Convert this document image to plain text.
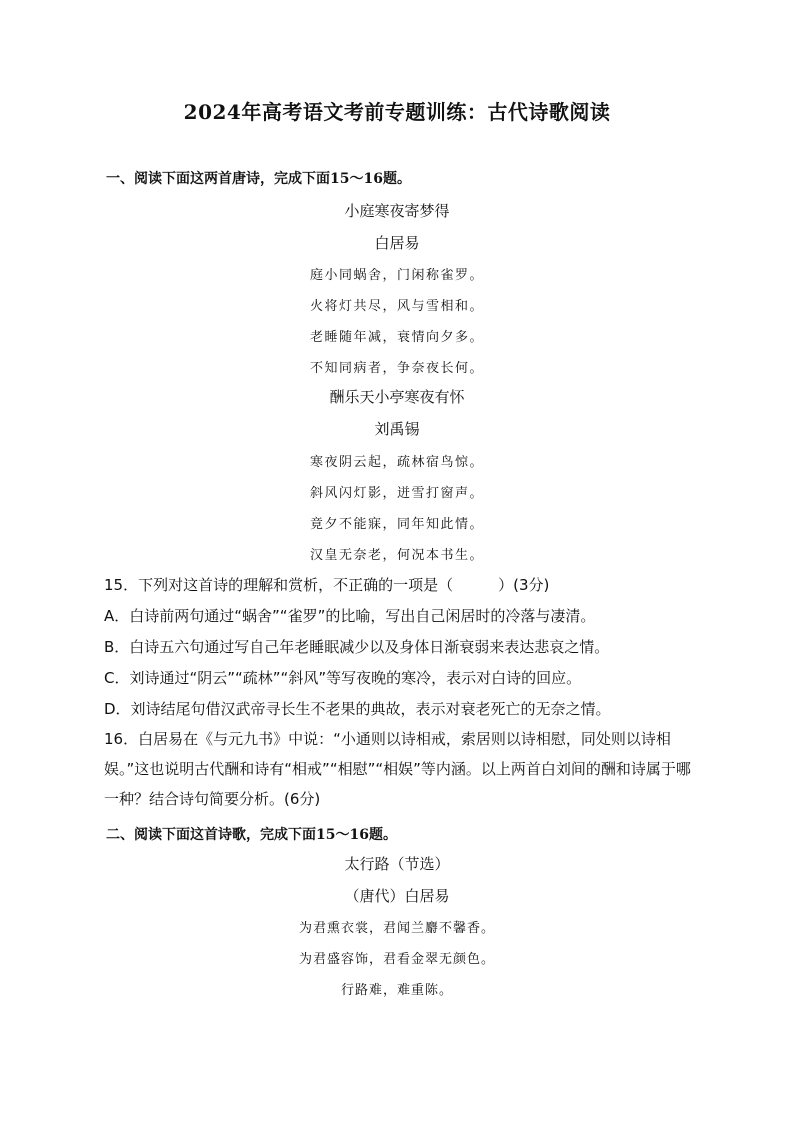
2024年高考语文考前专题训练：古代诗歌阅读
一、阅读下面这两首唐诗，完成下面15～16题。
小庭寒夜寄梦得
白居易
庭小同蜗舍，门闲称雀罗。
火将灯共尽，风与雪相和。
老睡随年减，衰情向夕多。
不知同病者，争奈夜长何。
酬乐天小亭寒夜有怀
刘禹锡
寒夜阴云起，疏林宿鸟惊。
斜风闪灯影，迸雪打窗声。
竟夕不能寐，同年知此情。
汉皇无奈老，何况本书生。
15．下列对这首诗的理解和赏析，不正确的一项是（　　　）(3分)
A．白诗前两句通过“蜗舍”“雀罗”的比喻，写出自己闲居时的冷落与凄清。
B．白诗五六句通过写自己年老睡眠减少以及身体日渐衰弱来表达悲哀之情。
C．刘诗通过“阴云”“疏林”“斜风”等写夜晚的寒冷，表示对白诗的回应。
D．刘诗结尾句借汉武帝寻长生不老果的典故，表示对衰老死亡的无奈之情。
16．白居易在《与元九书》中说：“小通则以诗相戒，索居则以诗相慰，同处则以诗相娱。”这也说明古代酬和诗有“相戒”“相慰”“相娱”等内涵。以上两首白刘间的酬和诗属于哪一种？结合诗句简要分析。(6分)
二、阅读下面这首诗歌，完成下面15～16题。
太行路（节选）
（唐代）白居易
为君熏衣裳，君闻兰麝不馨香。
为君盛容饰，君看金翠无颜色。
行路难，难重陈。
